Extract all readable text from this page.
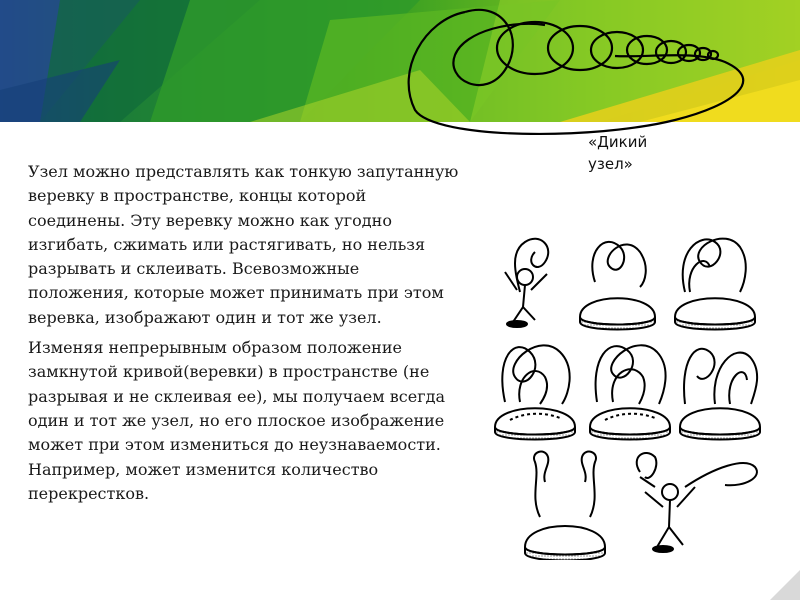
«Дикий
узел»

Узел можно представлять как тонкую запутанную веревку в пространстве, концы которой соединены. Эту веревку можно как угодно изгибать, сжимать или растягивать, но нельзя разрывать и склеивать. Всевозможные положения, которые может принимать при этом веревка, изображают один и тот же узел.

Изменяя непрерывным образом положение замкнутой кривой(веревки) в пространстве (не разрывая и не склеивая ее), мы получаем всегда один и тот же узел, но его плоское изображение может при этом измениться до неузнаваемости. Например, может изменится количество перекрестков.
